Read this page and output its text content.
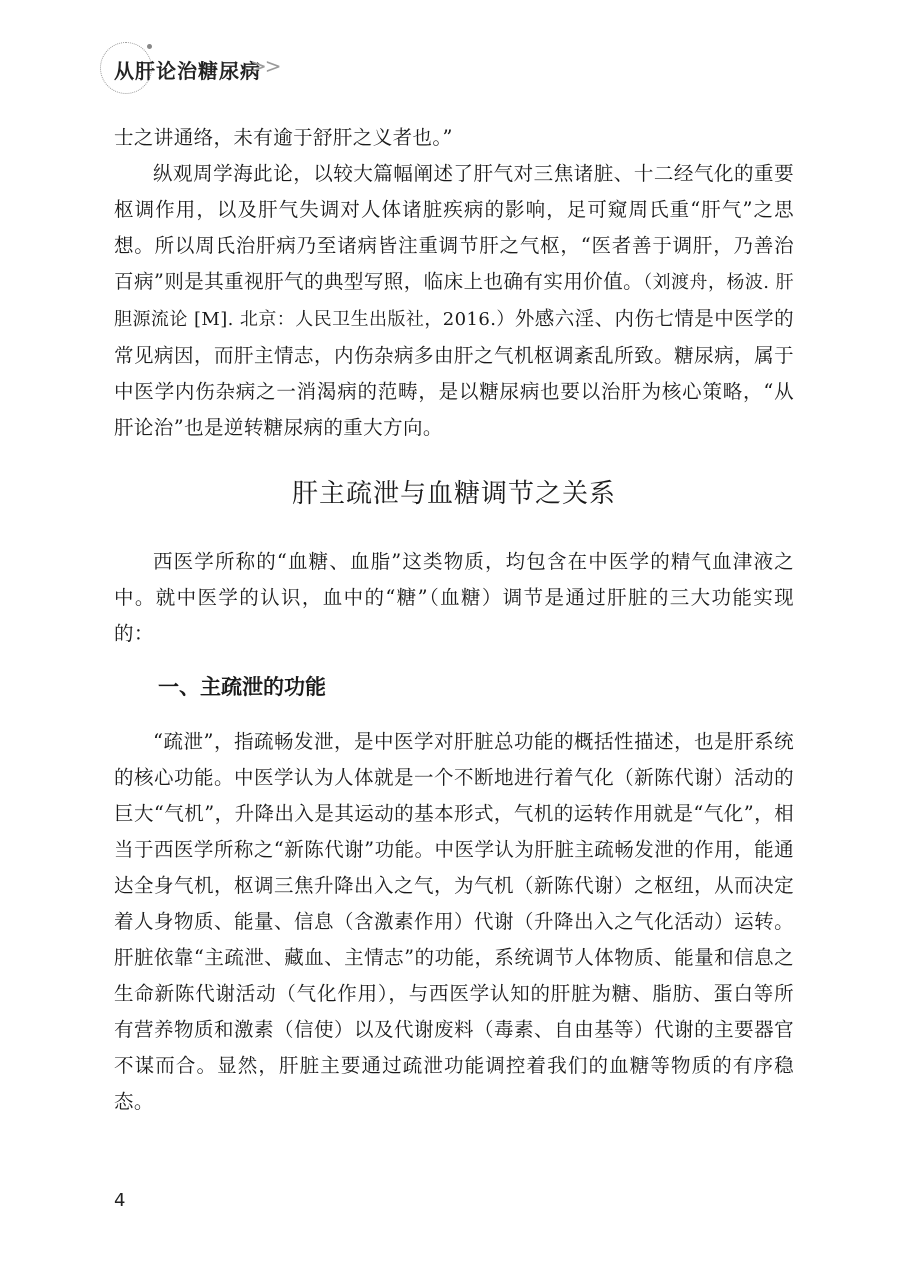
从肝论治糖尿病
>>

士之讲通络，未有逾于舒肝之义者也。”

纵观周学海此论，以较大篇幅阐述了肝气对三焦诸脏、十二经气化的重要枢调作用，以及肝气失调对人体诸脏疾病的影响，足可窥周氏重“肝气”之思想。所以周氏治肝病乃至诸病皆注重调节肝之气枢，“医者善于调肝，乃善治百病”则是其重视肝气的典型写照，临床上也确有实用价值。（刘渡舟，杨波. 肝胆源流论 [M]. 北京：人民卫生出版社，2016.）外感六淫、内伤七情是中医学的常见病因，而肝主情志，内伤杂病多由肝之气机枢调紊乱所致。糖尿病，属于中医学内伤杂病之一消渴病的范畴，是以糖尿病也要以治肝为核心策略，“从肝论治”也是逆转糖尿病的重大方向。

肝主疏泄与血糖调节之关系

西医学所称的“血糖、血脂”这类物质，均包含在中医学的精气血津液之中。就中医学的认识，血中的“糖”（血糖）调节是通过肝脏的三大功能实现的：

一、主疏泄的功能

“疏泄”，指疏畅发泄，是中医学对肝脏总功能的概括性描述，也是肝系统的核心功能。中医学认为人体就是一个不断地进行着气化（新陈代谢）活动的巨大“气机”，升降出入是其运动的基本形式，气机的运转作用就是“气化”，相当于西医学所称之“新陈代谢”功能。中医学认为肝脏主疏畅发泄的作用，能通达全身气机，枢调三焦升降出入之气，为气机（新陈代谢）之枢纽，从而决定着人身物质、能量、信息（含激素作用）代谢（升降出入之气化活动）运转。肝脏依靠“主疏泄、藏血、主情志”的功能，系统调节人体物质、能量和信息之生命新陈代谢活动（气化作用），与西医学认知的肝脏为糖、脂肪、蛋白等所有营养物质和激素（信使）以及代谢废料（毒素、自由基等）代谢的主要器官不谋而合。显然，肝脏主要通过疏泄功能调控着我们的血糖等物质的有序稳态。

4
